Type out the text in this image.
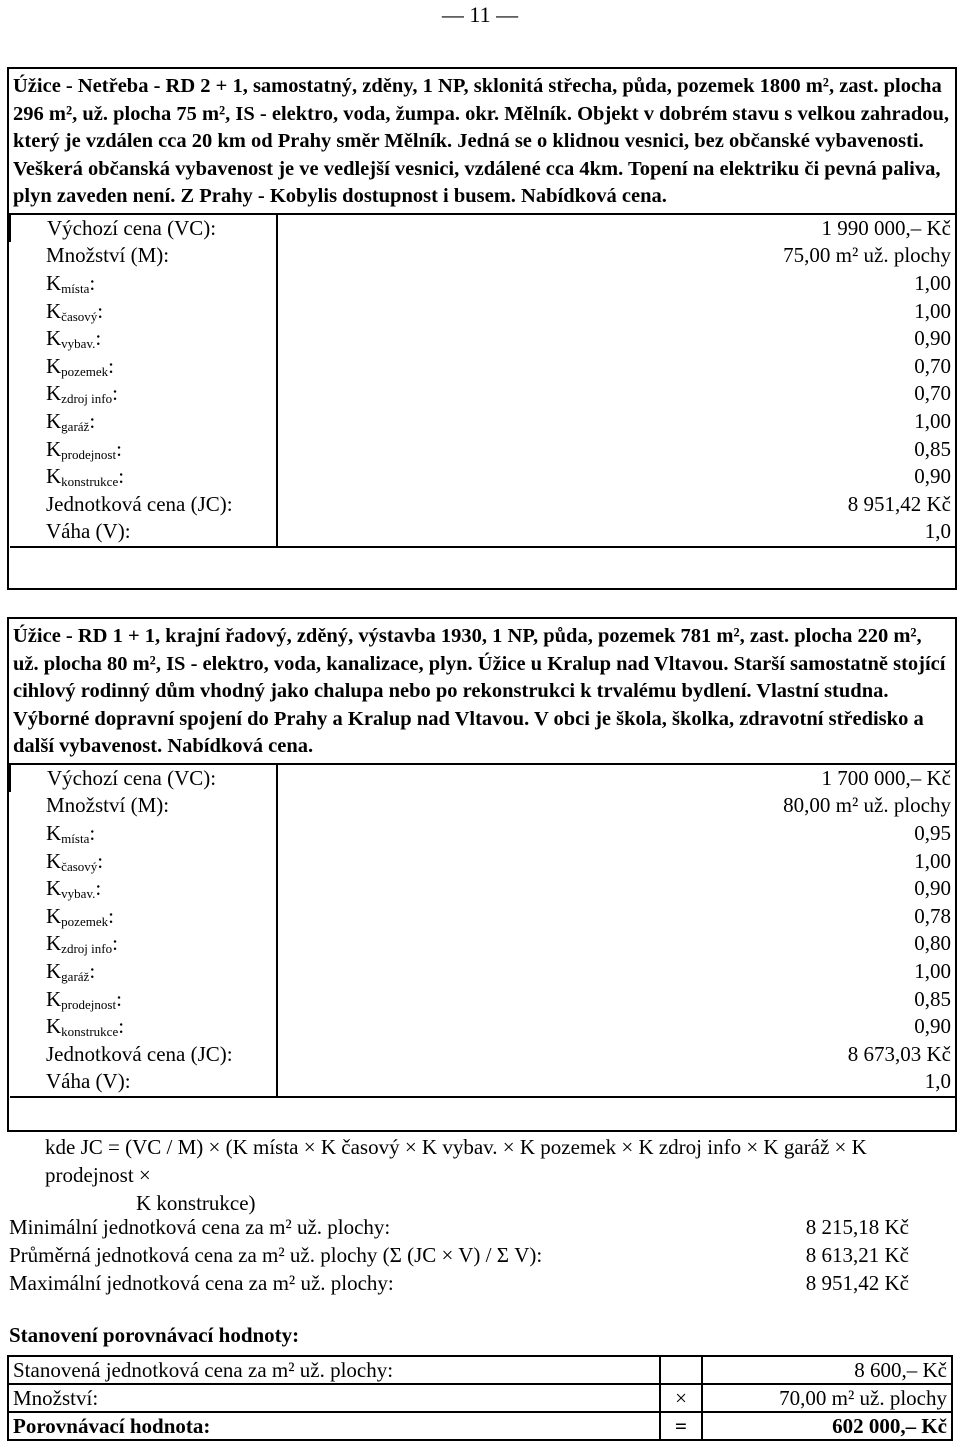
— 11 —
Úžice - Netřeba - RD 2 + 1, samostatný, zděny, 1 NP, sklonitá střecha, půda, pozemek 1800 m², zast. plocha 296 m², už. plocha 75 m², IS - elektro, voda, žumpa. okr. Mělník. Objekt v dobrém stavu s velkou zahradou, který je vzdálen cca 20 km od Prahy směr Mělník. Jedná se o klidnou vesnici, bez občanské vybavenosti. Veškerá občanská vybavenost je ve vedlejší vesnici, vzdálené cca 4km. Topení na elektriku či pevná paliva, plyn zaveden není. Z Prahy - Kobylis dostupnost i busem. Nabídková cena.
Výchozí cena (VC):	1 990 000,– Kč
Množství (M):	75,00 m² už. plochy
$K_{místa}$:	1,00
$K_{časový}$:	1,00
$K_{vybav.}$:	0,90
$K_{pozemek}$:	0,70
$K_{zdroj info}$:	0,70
$K_{garáž}$:	1,00
$K_{prodejnost}$:	0,85
$K_{konstrukce}$:	0,90
Jednotková cena (JC):	8 951,42 Kč
Váha (V):	1,0
Úžice - RD 1 + 1, krajní řadový, zděný, výstavba 1930, 1 NP, půda, pozemek 781 m², zast. plocha 220 m², už. plocha 80 m², IS - elektro, voda, kanalizace, plyn. Úžice u Kralup nad Vltavou. Starší samostatně stojící cihlový rodinný dům vhodný jako chalupa nebo po rekonstrukci k trvalému bydlení. Vlastní studna. Výborné dopravní spojení do Prahy a Kralup nad Vltavou. V obci je škola, školka, zdravotní středisko a další vybavenost. Nabídková cena.
Výchozí cena (VC):	1 700 000,– Kč
Množství (M):	80,00 m² už. plochy
$K_{místa}$:	0,95
$K_{časový}$:	1,00
$K_{vybav.}$:	0,90
$K_{pozemek}$:	0,78
$K_{zdroj info}$:	0,80
$K_{garáž}$:	1,00
$K_{prodejnost}$:	0,85
$K_{konstrukce}$:	0,90
Jednotková cena (JC):	8 673,03 Kč
Váha (V):	1,0
kde JC = (VC / M) × (K místa × K časový × K vybav. × K pozemek × K zdroj info × K garáž × K prodejnost ×
K konstrukce)
Minimální jednotková cena za m² už. plochy:	8 215,18 Kč
Průměrná jednotková cena za m² už. plochy (Σ (JC × V) / Σ V):	8 613,21 Kč
Maximální jednotková cena za m² už. plochy:	8 951,42 Kč
Stanovení porovnávací hodnoty:
Stanovená jednotková cena za m² už. plochy:		8 600,– Kč
Množství:	×	70,00 m² už. plochy
Porovnávací hodnota:	=	602 000,– Kč
